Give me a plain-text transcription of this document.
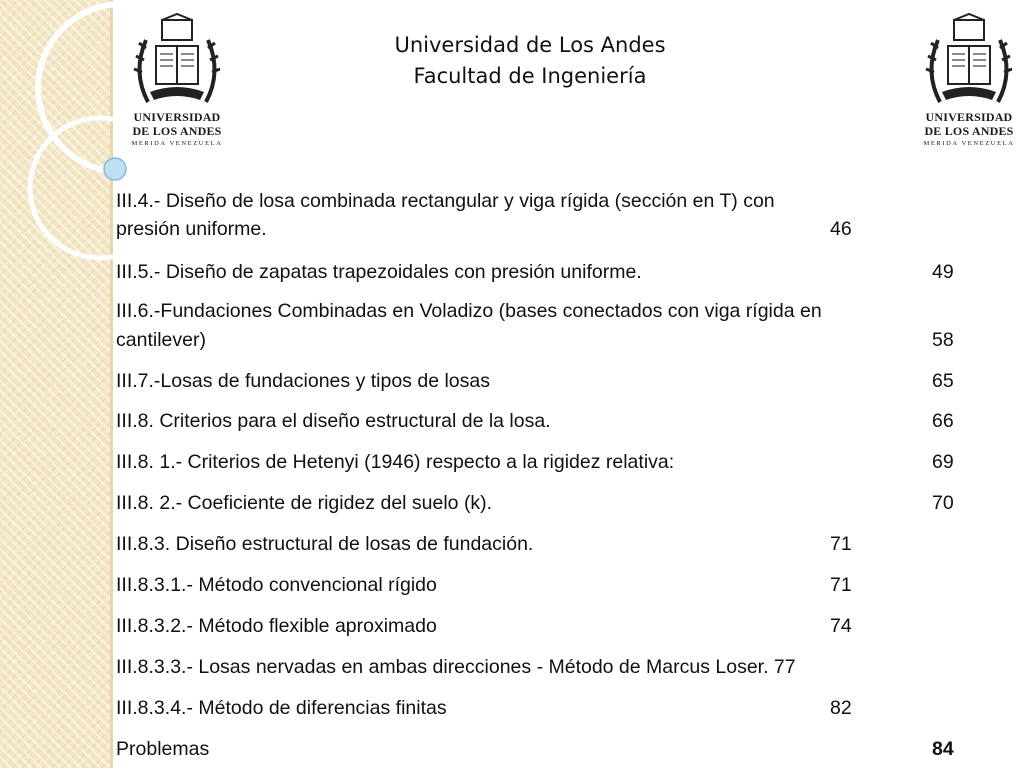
UNIVERSIDAD
DE LOS ANDES
MERIDA VENEZUELA
UNIVERSIDAD
DE LOS ANDES
MERIDA VENEZUELA
Universidad de Los Andes
Facultad de Ingeniería
III.4.- Diseño de losa combinada rectangular y viga rígida (sección en T) con
presión uniforme.	46
III.5.- Diseño de zapatas trapezoidales con presión uniforme.	49
III.6.-Fundaciones Combinadas en Voladizo (bases conectados con viga rígida en
cantilever)	58
III.7.-Losas de fundaciones y tipos de losas	65
III.8. Criterios para el diseño estructural de la losa.	66
III.8. 1.- Criterios de Hetenyi (1946) respecto a la rigidez relativa:	69
III.8. 2.- Coeficiente de rigidez del suelo (k).	70
III.8.3. Diseño estructural de losas de fundación.	71
III.8.3.1.- Método convencional rígido	71
III.8.3.2.- Método flexible aproximado	74
III.8.3.3.- Losas nervadas en ambas direcciones - Método de Marcus Loser. 77
III.8.3.4.- Método de diferencias finitas	82
Problemas	84
